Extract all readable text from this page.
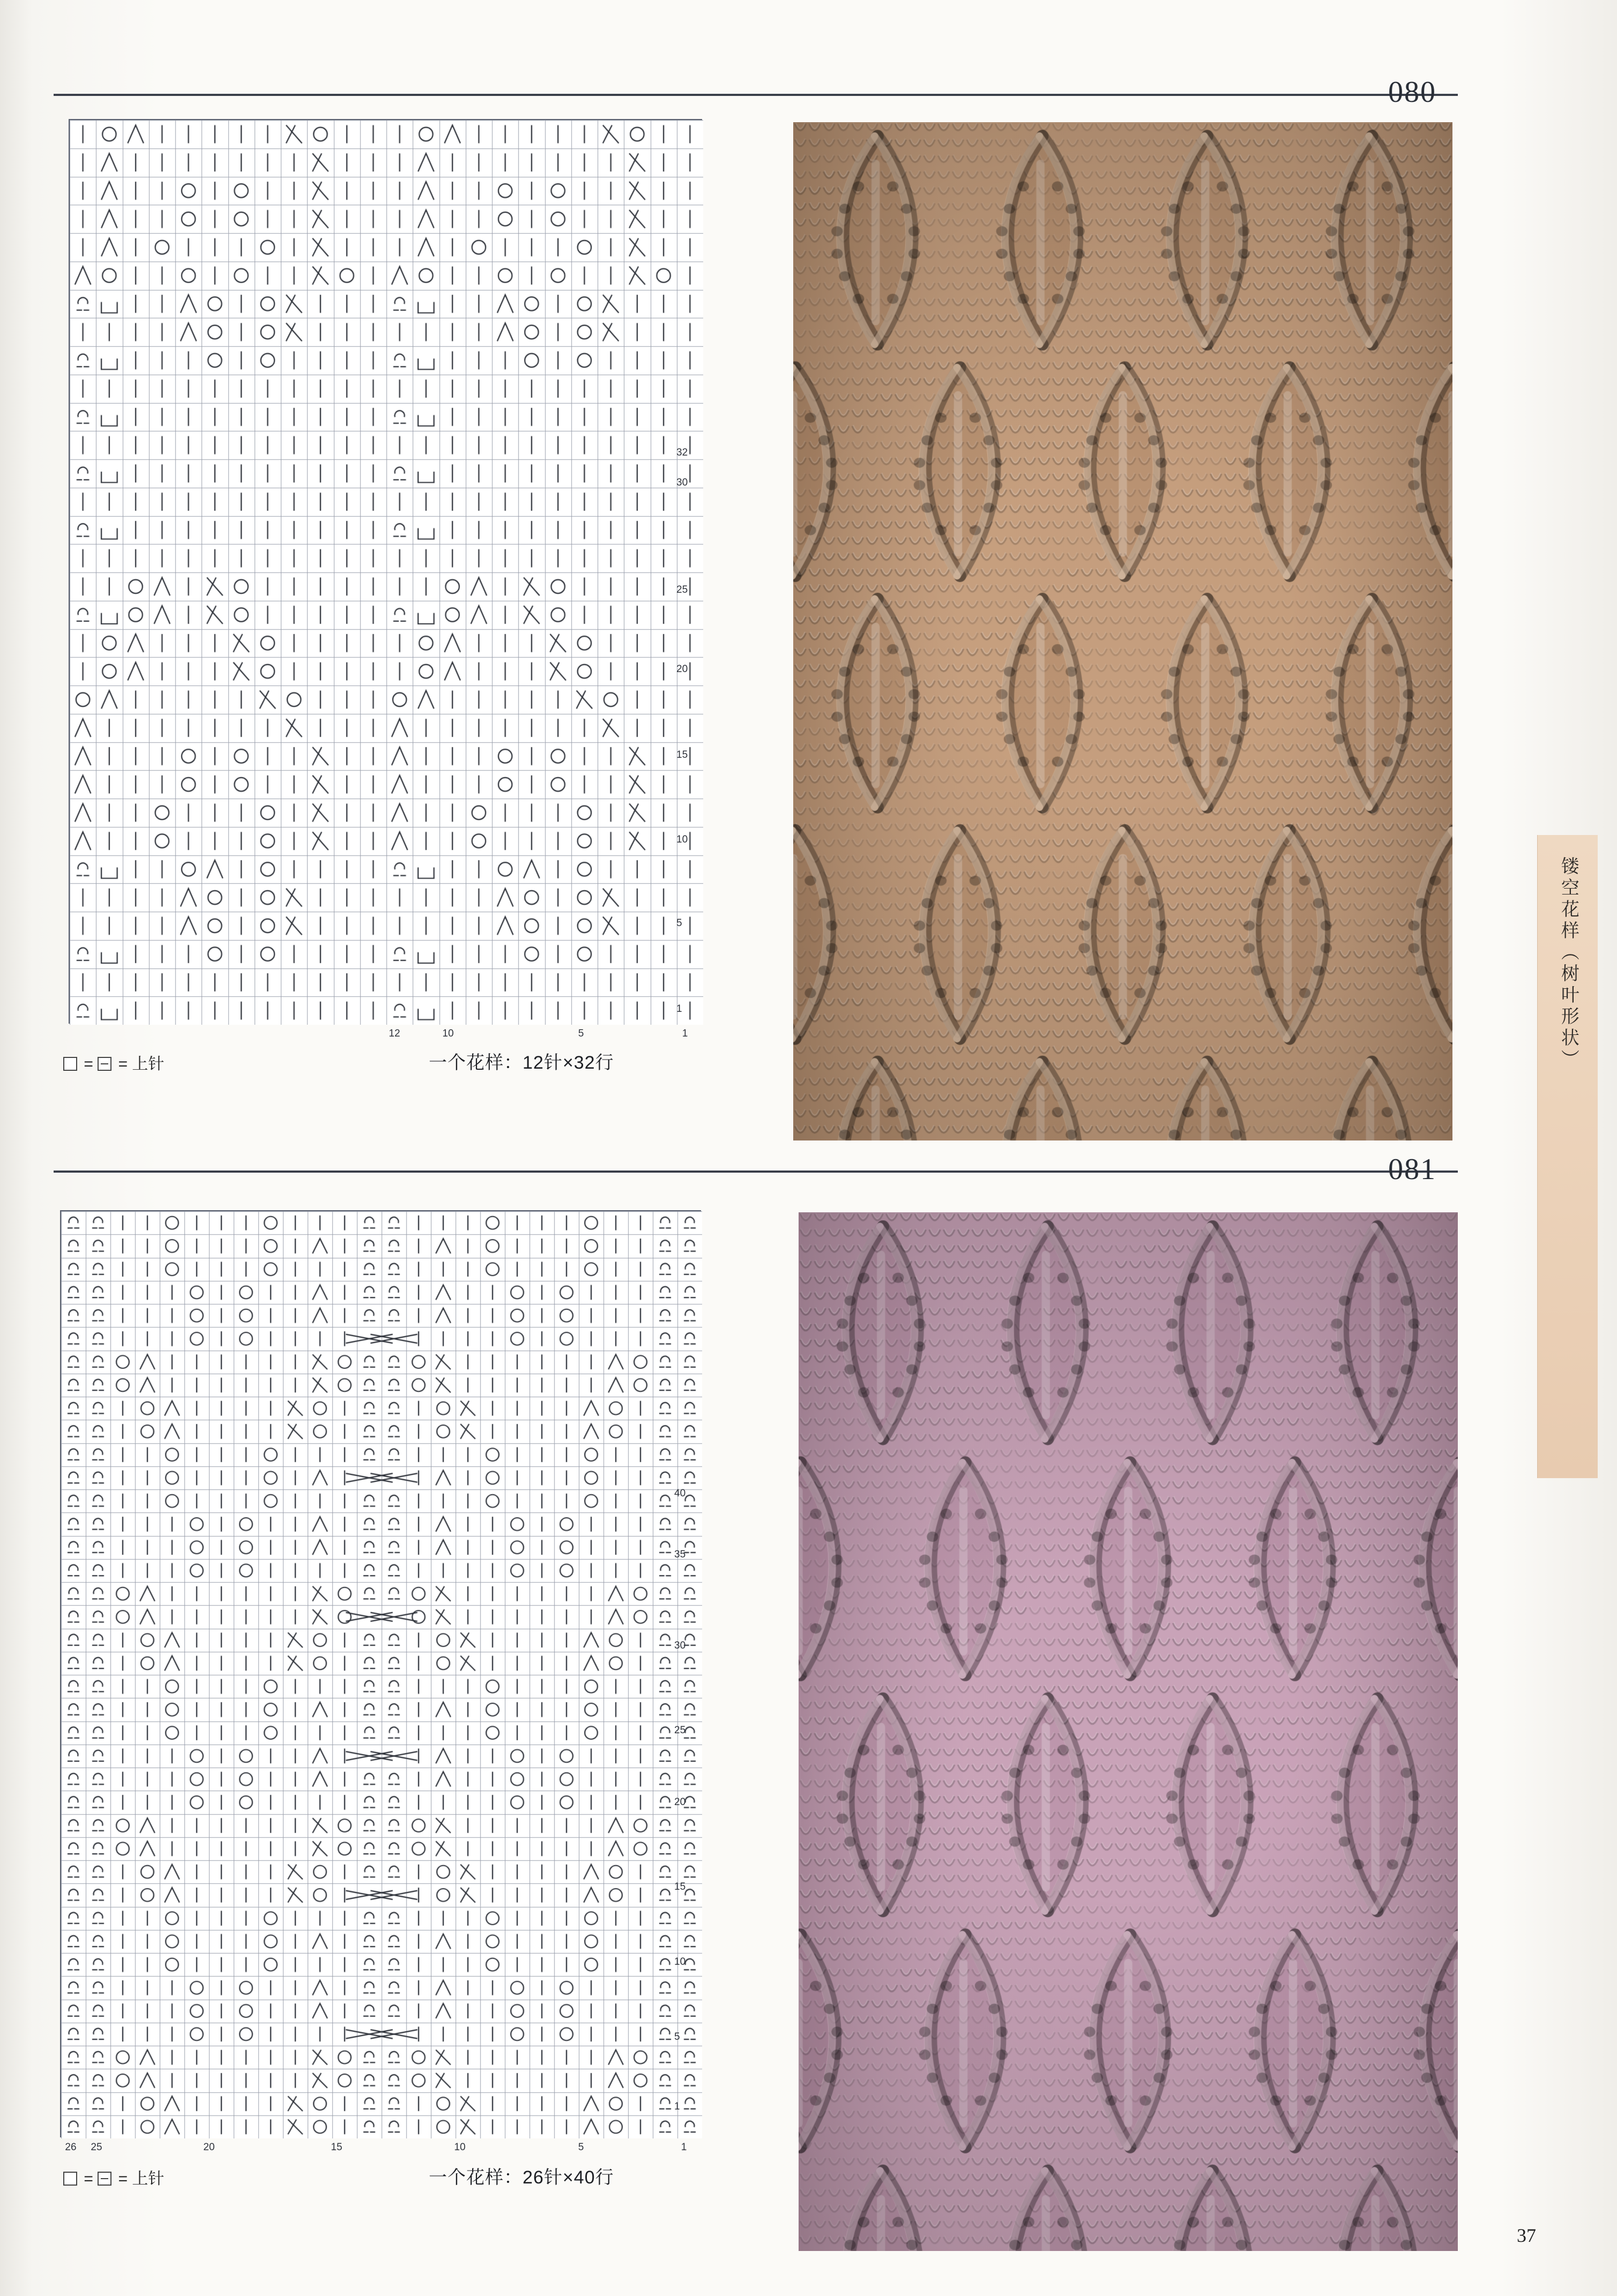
080
32
30
25
20
15
10
5
1
12	10	5	1
= = 上针	一个花样：12针×32行
081
40
35
30
25
20
15
10
5
1
26	25	20	15	10	5	1
= = 上针	一个花样：26针×40行
镂空花样（树叶形状）
37
